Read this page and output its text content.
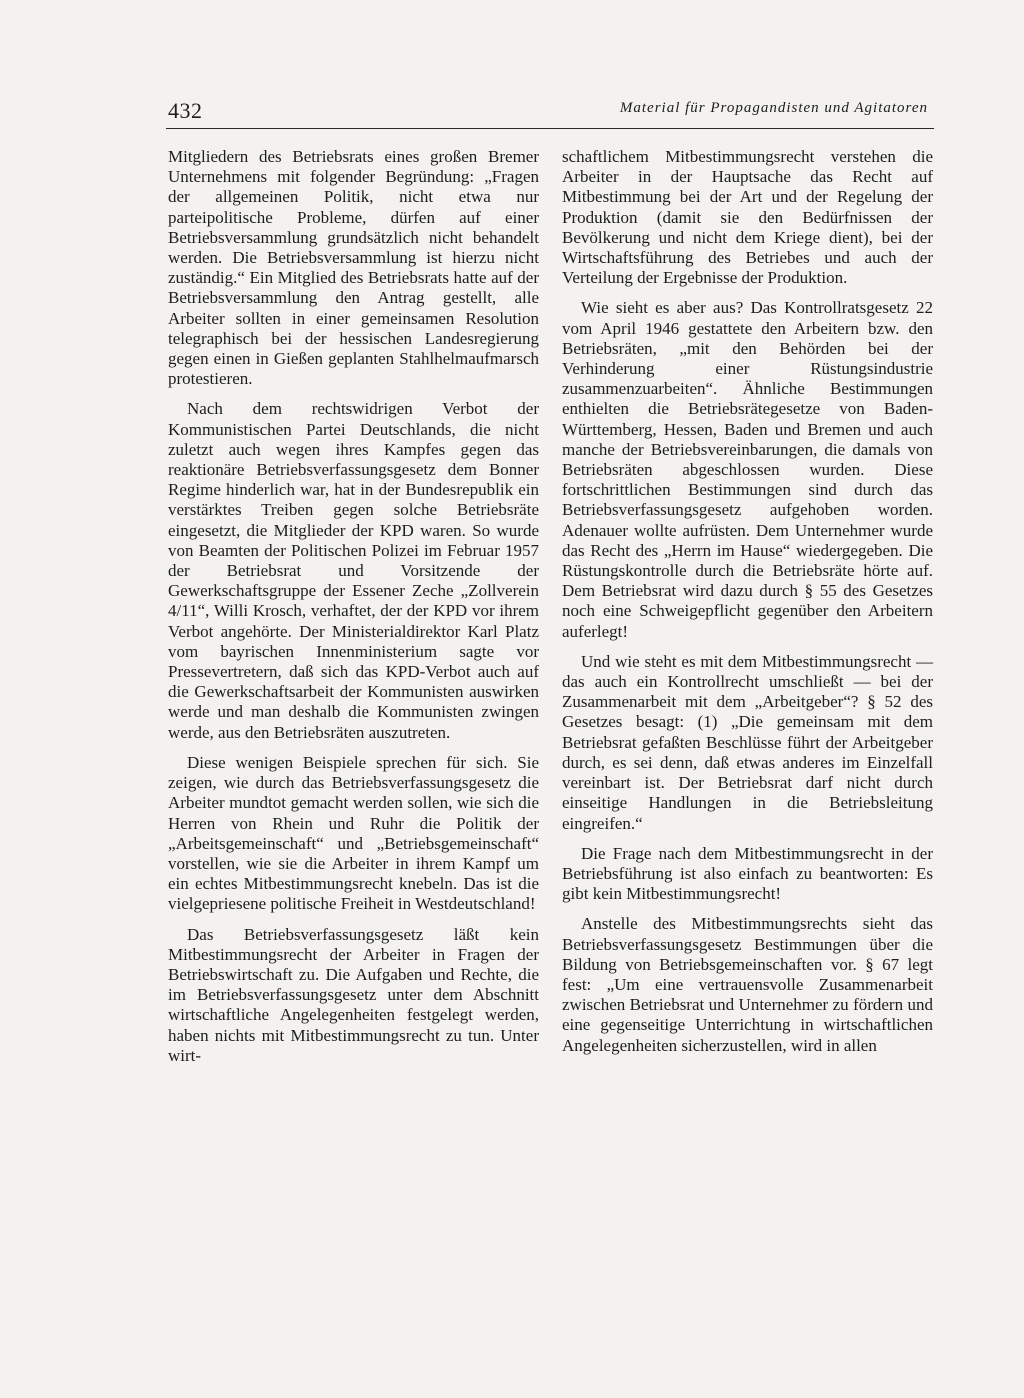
432	Material für Propagandisten und Agitatoren

Mitgliedern des Betriebsrats eines großen Bremer Unternehmens mit folgender Begründung: „Fragen der allgemeinen Politik, nicht etwa nur parteipolitische Probleme, dürfen auf einer Betriebsversammlung grundsätzlich nicht behandelt werden. Die Betriebsversammlung ist hierzu nicht zuständig.“ Ein Mitglied des Betriebsrats hatte auf der Betriebsversammlung den Antrag gestellt, alle Arbeiter sollten in einer gemeinsamen Resolution telegraphisch bei der hessischen Landesregierung gegen einen in Gießen geplanten Stahlhelmaufmarsch protestieren.

Nach dem rechtswidrigen Verbot der Kommunistischen Partei Deutschlands, die nicht zuletzt auch wegen ihres Kampfes gegen das reaktionäre Betriebsverfassungsgesetz dem Bonner Regime hinderlich war, hat in der Bundesrepublik ein verstärktes Treiben gegen solche Betriebsräte eingesetzt, die Mitglieder der KPD waren. So wurde von Beamten der Politischen Polizei im Februar 1957 der Betriebsrat und Vorsitzende der Gewerkschaftsgruppe der Essener Zeche „Zollverein 4/11“, Willi Krosch, verhaftet, der der KPD vor ihrem Verbot angehörte. Der Ministerialdirektor Karl Platz vom bayrischen Innenministerium sagte vor Pressevertretern, daß sich das KPD-Verbot auch auf die Gewerkschaftsarbeit der Kommunisten auswirken werde und man deshalb die Kommunisten zwingen werde, aus den Betriebsräten auszutreten.

Diese wenigen Beispiele sprechen für sich. Sie zeigen, wie durch das Betriebsverfassungsgesetz die Arbeiter mundtot gemacht werden sollen, wie sich die Herren von Rhein und Ruhr die Politik der „Arbeitsgemeinschaft“ und „Betriebsgemeinschaft“ vorstellen, wie sie die Arbeiter in ihrem Kampf um ein echtes Mitbestimmungsrecht knebeln. Das ist die vielgepriesene politische Freiheit in Westdeutschland!

Das Betriebsverfassungsgesetz läßt kein Mitbestimmungsrecht der Arbeiter in Fragen der Betriebswirtschaft zu. Die Aufgaben und Rechte, die im Betriebsverfassungsgesetz unter dem Abschnitt wirtschaftliche Angelegenheiten festgelegt werden, haben nichts mit Mitbestimmungsrecht zu tun. Unter wirt-

schaftlichem Mitbestimmungsrecht verstehen die Arbeiter in der Hauptsache das Recht auf Mitbestimmung bei der Art und der Regelung der Produktion (damit sie den Bedürfnissen der Bevölkerung und nicht dem Kriege dient), bei der Wirtschaftsführung des Betriebes und auch der Verteilung der Ergebnisse der Produktion.

Wie sieht es aber aus? Das Kontrollratsgesetz 22 vom April 1946 gestattete den Arbeitern bzw. den Betriebsräten, „mit den Behörden bei der Verhinderung einer Rüstungsindustrie zusammenzuarbeiten“. Ähnliche Bestimmungen enthielten die Betriebsrätegesetze von Baden-Württemberg, Hessen, Baden und Bremen und auch manche der Betriebsvereinbarungen, die damals von Betriebsräten abgeschlossen wurden. Diese fortschrittlichen Bestimmungen sind durch das Betriebsverfassungsgesetz aufgehoben worden. Adenauer wollte aufrüsten. Dem Unternehmer wurde das Recht des „Herrn im Hause“ wiedergegeben. Die Rüstungskontrolle durch die Betriebsräte hörte auf. Dem Betriebsrat wird dazu durch § 55 des Gesetzes noch eine Schweigepflicht gegenüber den Arbeitern auferlegt!

Und wie steht es mit dem Mitbestimmungsrecht — das auch ein Kontrollrecht umschließt — bei der Zusammenarbeit mit dem „Arbeitgeber“? § 52 des Gesetzes besagt: (1) „Die gemeinsam mit dem Betriebsrat gefaßten Beschlüsse führt der Arbeitgeber durch, es sei denn, daß etwas anderes im Einzelfall vereinbart ist. Der Betriebsrat darf nicht durch einseitige Handlungen in die Betriebsleitung eingreifen.“

Die Frage nach dem Mitbestimmungsrecht in der Betriebsführung ist also einfach zu beantworten: Es gibt kein Mitbestimmungsrecht!

Anstelle des Mitbestimmungsrechts sieht das Betriebsverfassungsgesetz Bestimmungen über die Bildung von Betriebsgemeinschaften vor. § 67 legt fest: „Um eine vertrauensvolle Zusammenarbeit zwischen Betriebsrat und Unternehmer zu fördern und eine gegenseitige Unterrichtung in wirtschaftlichen Angelegenheiten sicherzustellen, wird in allen
